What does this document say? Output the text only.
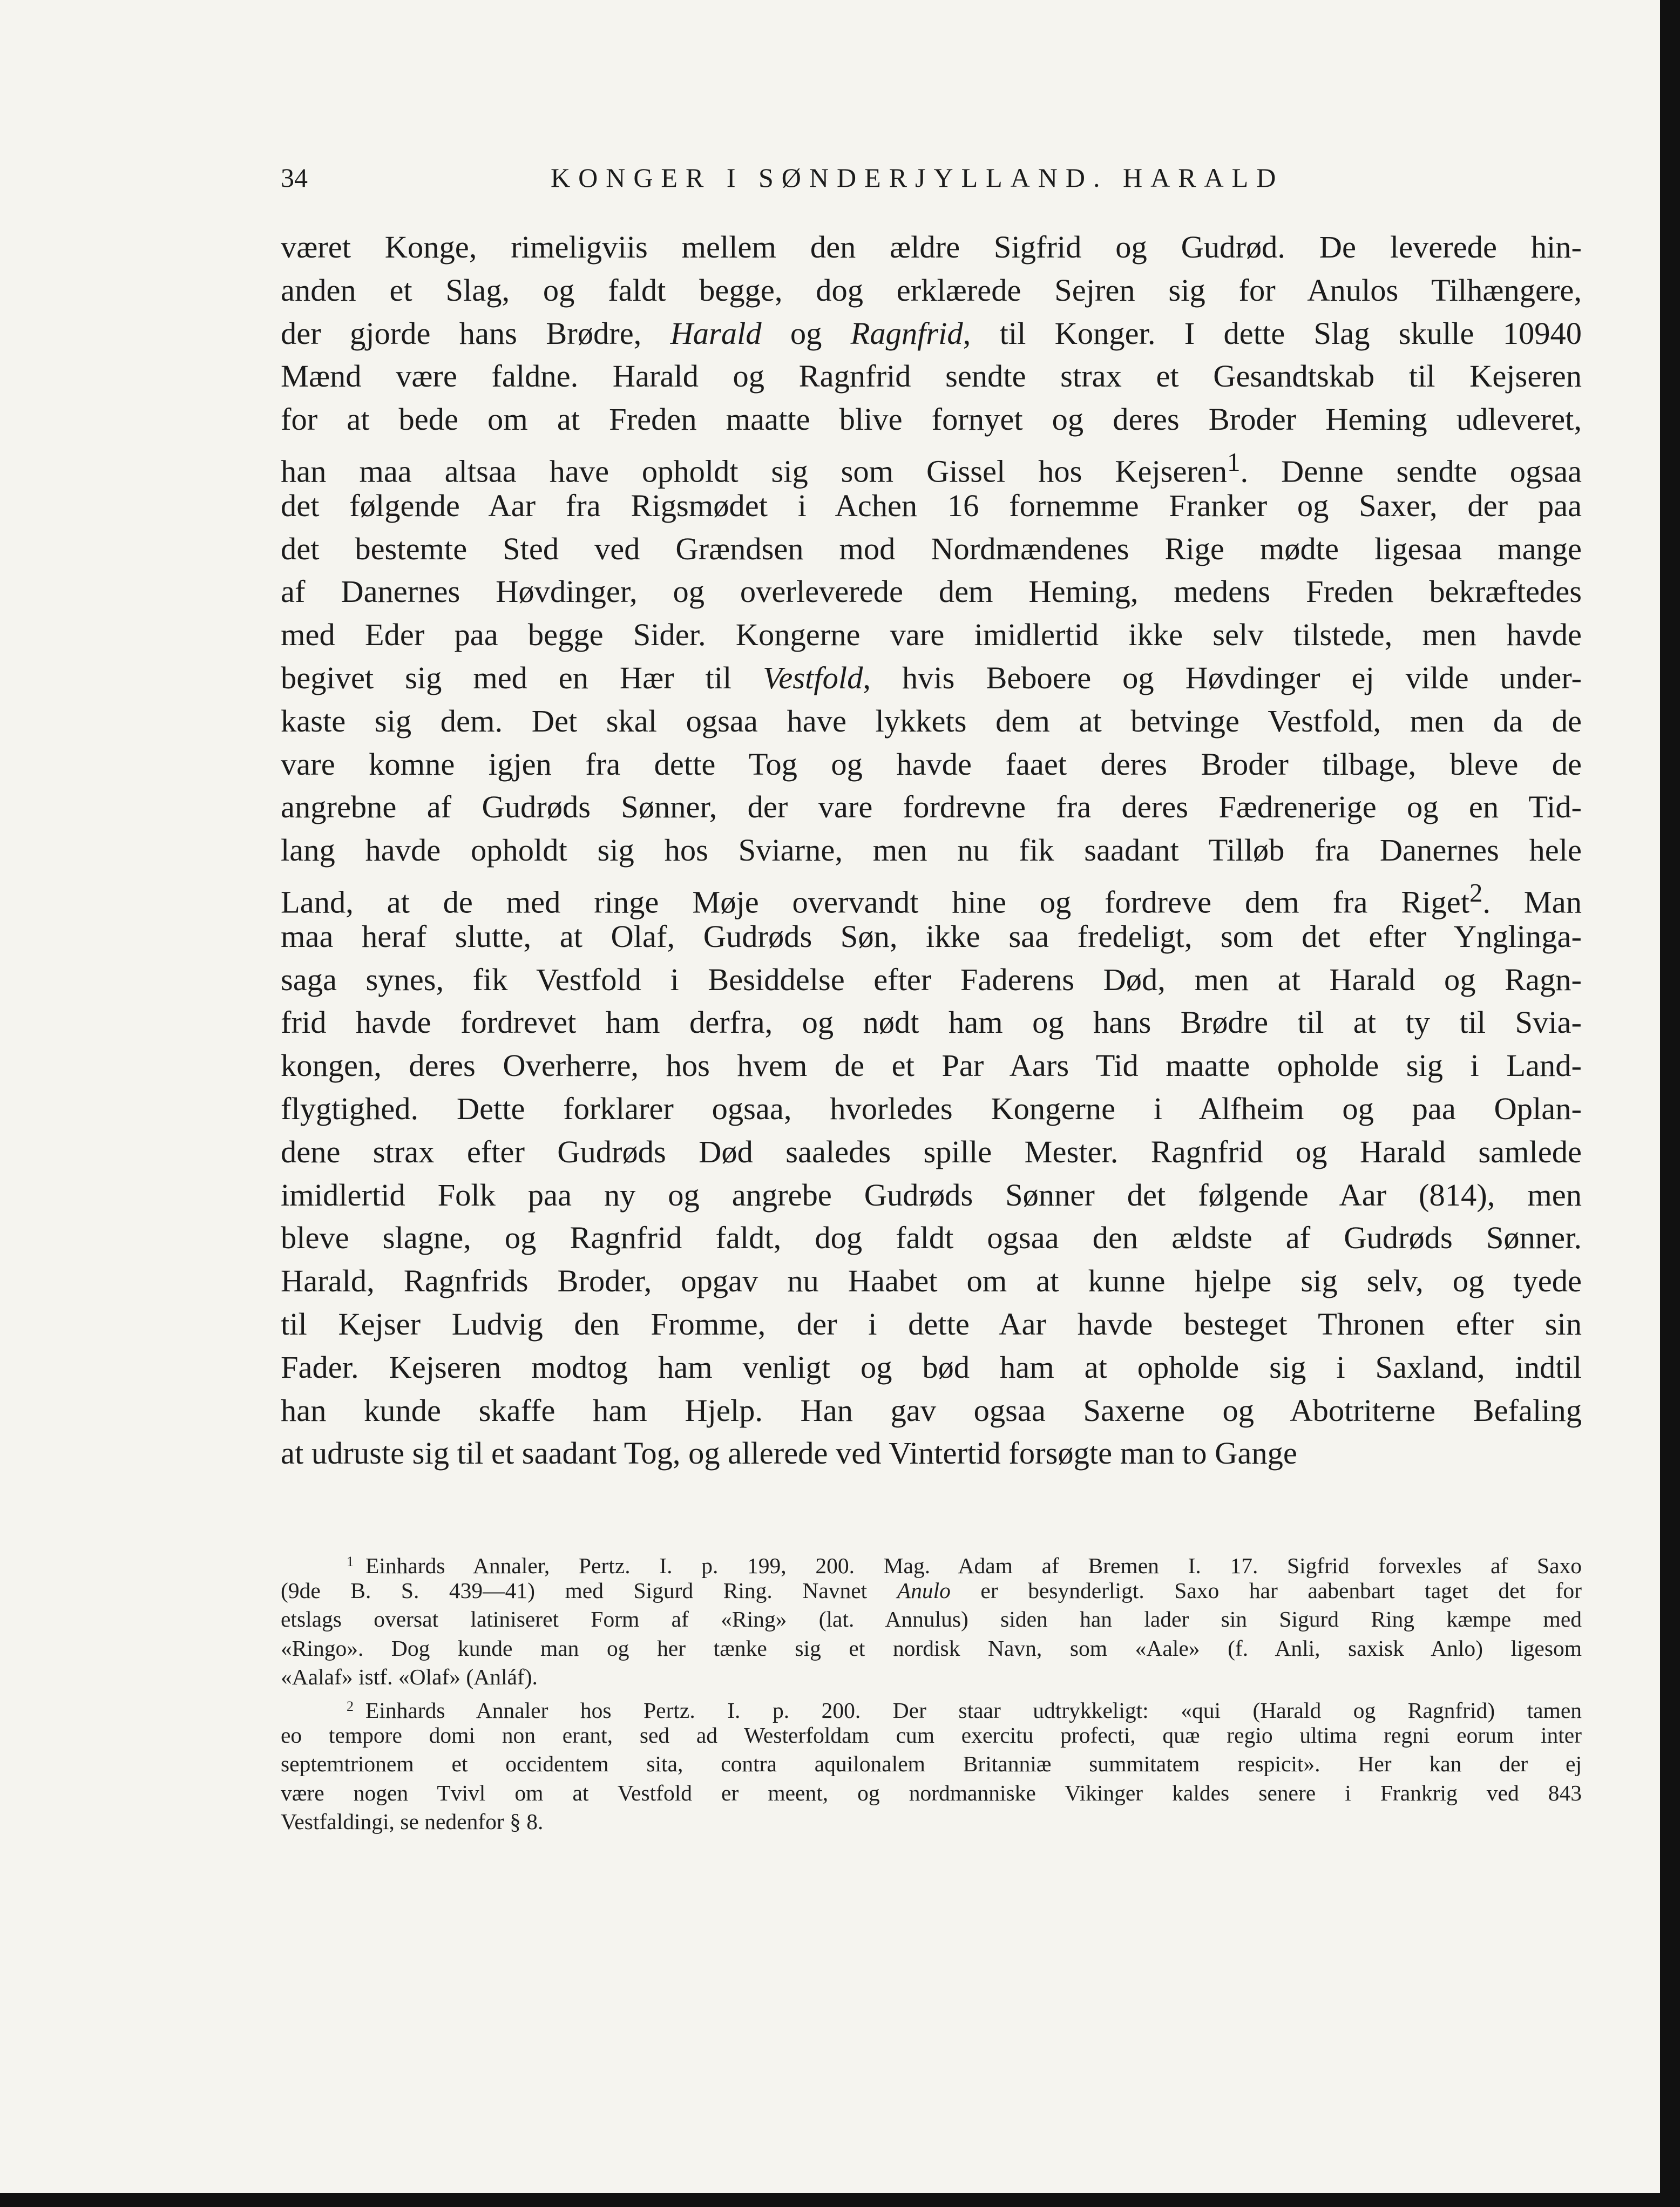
34	KONGER I SØNDERJYLLAND. HARALD
været Konge, rimeligviis mellem den ældre Sigfrid og Gudrød. De leverede hin-
anden et Slag, og faldt begge, dog erklærede Sejren sig for Anulos Tilhængere,
der gjorde hans Brødre, Harald og Ragnfrid, til Konger. I dette Slag skulle 10940
Mænd være faldne. Harald og Ragnfrid sendte strax et Gesandtskab til Kejseren
for at bede om at Freden maatte blive fornyet og deres Broder Heming udleveret,
han maa altsaa have opholdt sig som Gissel hos Kejseren$^1$. Denne sendte ogsaa
det følgende Aar fra Rigsmødet i Achen 16 fornemme Franker og Saxer, der paa
det bestemte Sted ved Grændsen mod Nordmændenes Rige mødte ligesaa mange
af Danernes Høvdinger, og overleverede dem Heming, medens Freden bekræftedes
med Eder paa begge Sider. Kongerne vare imidlertid ikke selv tilstede, men havde
begivet sig med en Hær til Vestfold, hvis Beboere og Høvdinger ej vilde under-
kaste sig dem. Det skal ogsaa have lykkets dem at betvinge Vestfold, men da de
vare komne igjen fra dette Tog og havde faaet deres Broder tilbage, bleve de
angrebne af Gudrøds Sønner, der vare fordrevne fra deres Fædrenerige og en Tid-
lang havde opholdt sig hos Sviarne, men nu fik saadant Tilløb fra Danernes hele
Land, at de med ringe Møje overvandt hine og fordreve dem fra Riget$^2$. Man
maa heraf slutte, at Olaf, Gudrøds Søn, ikke saa fredeligt, som det efter Ynglinga-
saga synes, fik Vestfold i Besiddelse efter Faderens Død, men at Harald og Ragn-
frid havde fordrevet ham derfra, og nødt ham og hans Brødre til at ty til Svia-
kongen, deres Overherre, hos hvem de et Par Aars Tid maatte opholde sig i Land-
flygtighed. Dette forklarer ogsaa, hvorledes Kongerne i Alfheim og paa Oplan-
dene strax efter Gudrøds Død saaledes spille Mester. Ragnfrid og Harald samlede
imidlertid Folk paa ny og angrebe Gudrøds Sønner det følgende Aar (814), men
bleve slagne, og Ragnfrid faldt, dog faldt ogsaa den ældste af Gudrøds Sønner.
Harald, Ragnfrids Broder, opgav nu Haabet om at kunne hjelpe sig selv, og tyede
til Kejser Ludvig den Fromme, der i dette Aar havde besteget Thronen efter sin
Fader. Kejseren modtog ham venligt og bød ham at opholde sig i Saxland, indtil
han kunde skaffe ham Hjelp. Han gav ogsaa Saxerne og Abotriterne Befaling
at udruste sig til et saadant Tog, og allerede ved Vintertid forsøgte man to Gange
1 Einhards Annaler, Pertz. I. p. 199, 200. Mag. Adam af Bremen I. 17. Sigfrid forvexles af Saxo
(9de B. S. 439—41) med Sigurd Ring. Navnet Anulo er besynderligt. Saxo har aabenbart taget det for
etslags oversat latiniseret Form af «Ring» (lat. Annulus) siden han lader sin Sigurd Ring kæmpe med
«Ringo». Dog kunde man og her tænke sig et nordisk Navn, som «Aale» (f. Anli, saxisk Anlo) ligesom
«Aalaf» istf. «Olaf» (Anláf).
2 Einhards Annaler hos Pertz. I. p. 200. Der staar udtrykkeligt: «qui (Harald og Ragnfrid) tamen
eo tempore domi non erant, sed ad Westerfoldam cum exercitu profecti, quæ regio ultima regni eorum inter
septemtrionem et occidentem sita, contra aquilonalem Britanniæ summitatem respicit». Her kan der ej
være nogen Tvivl om at Vestfold er meent, og nordmanniske Vikinger kaldes senere i Frankrig ved 843
Vestfaldingi, se nedenfor § 8.
